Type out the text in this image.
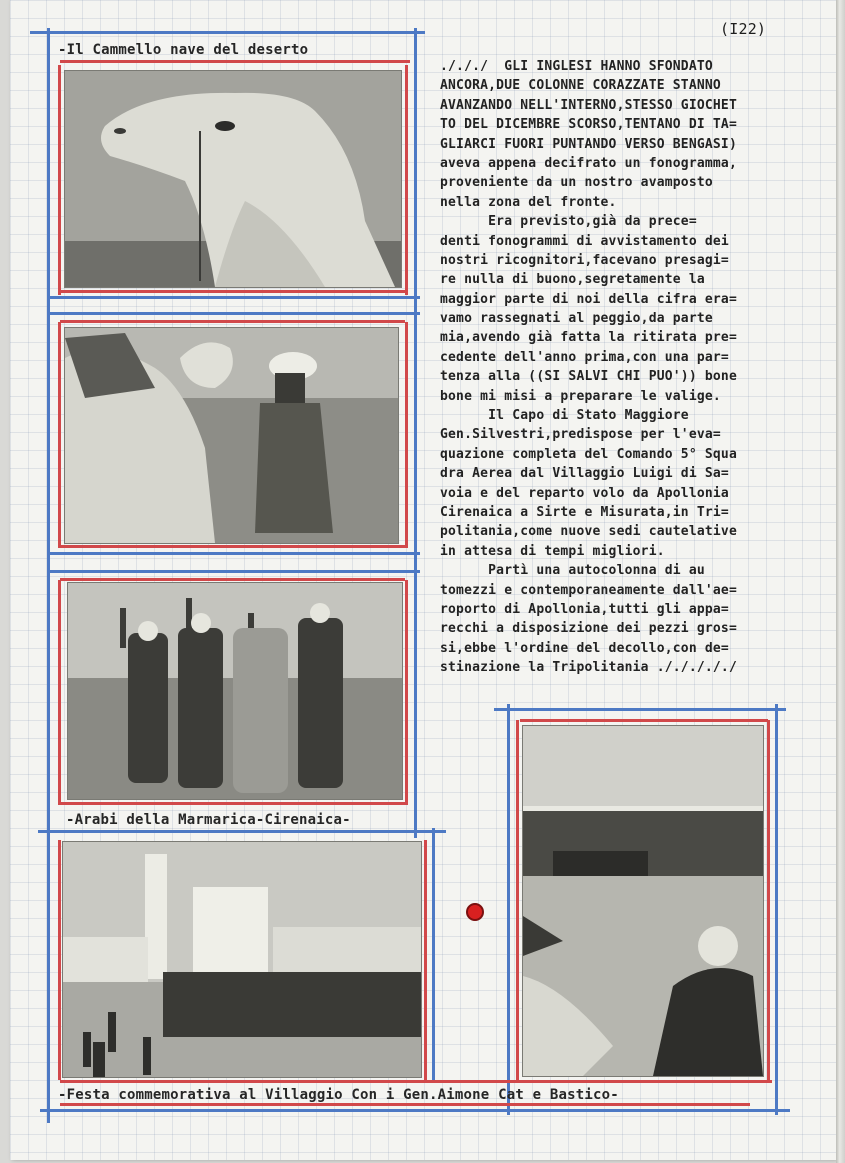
(I22)
-Il Cammello nave del deserto
-Arabi della Marmarica-Cirenaica-
-Festa commemorativa al Villaggio Con i Gen.Aimone Cat e Bastico-
./././  GLI INGLESI HANNO SFONDATO
ANCORA,DUE COLONNE CORAZZATE STANNO
AVANZANDO NELL'INTERNO,STESSO GIOCHET
TO DEL DICEMBRE SCORSO,TENTANO DI TA=
GLIARCI FUORI PUNTANDO VERSO BENGASI)
aveva appena decifrato un fonogramma,
proveniente da un nostro avamposto
nella zona del fronte.
Era previsto,già da prece=
denti fonogrammi di avvistamento dei
nostri ricognitori,facevano presagi=
re nulla di buono,segretamente la
maggior parte di noi della cifra era=
vamo rassegnati al peggio,da parte
mia,avendo già fatta la ritirata pre=
cedente dell'anno prima,con una par=
tenza alla ((SI SALVI CHI PUO')) bone
bone mi misi a preparare le valige.
Il Capo di Stato Maggiore
Gen.Silvestri,predispose per l'eva=
quazione completa del Comando 5° Squa
dra Aerea dal Villaggio Luigi di Sa=
voia e del reparto volo da Apollonia
Cirenaica a Sirte e Misurata,in Tri=
politania,come nuove sedi cautelative
in attesa di tempi migliori.
Partì una autocolonna di au
tomezzi e contemporaneamente dall'ae=
roporto di Apollonia,tutti gli appa=
recchi a disposizione dei pezzi gros=
si,ebbe l'ordine del decollo,con de=
stinazione la Tripolitania ./././././
